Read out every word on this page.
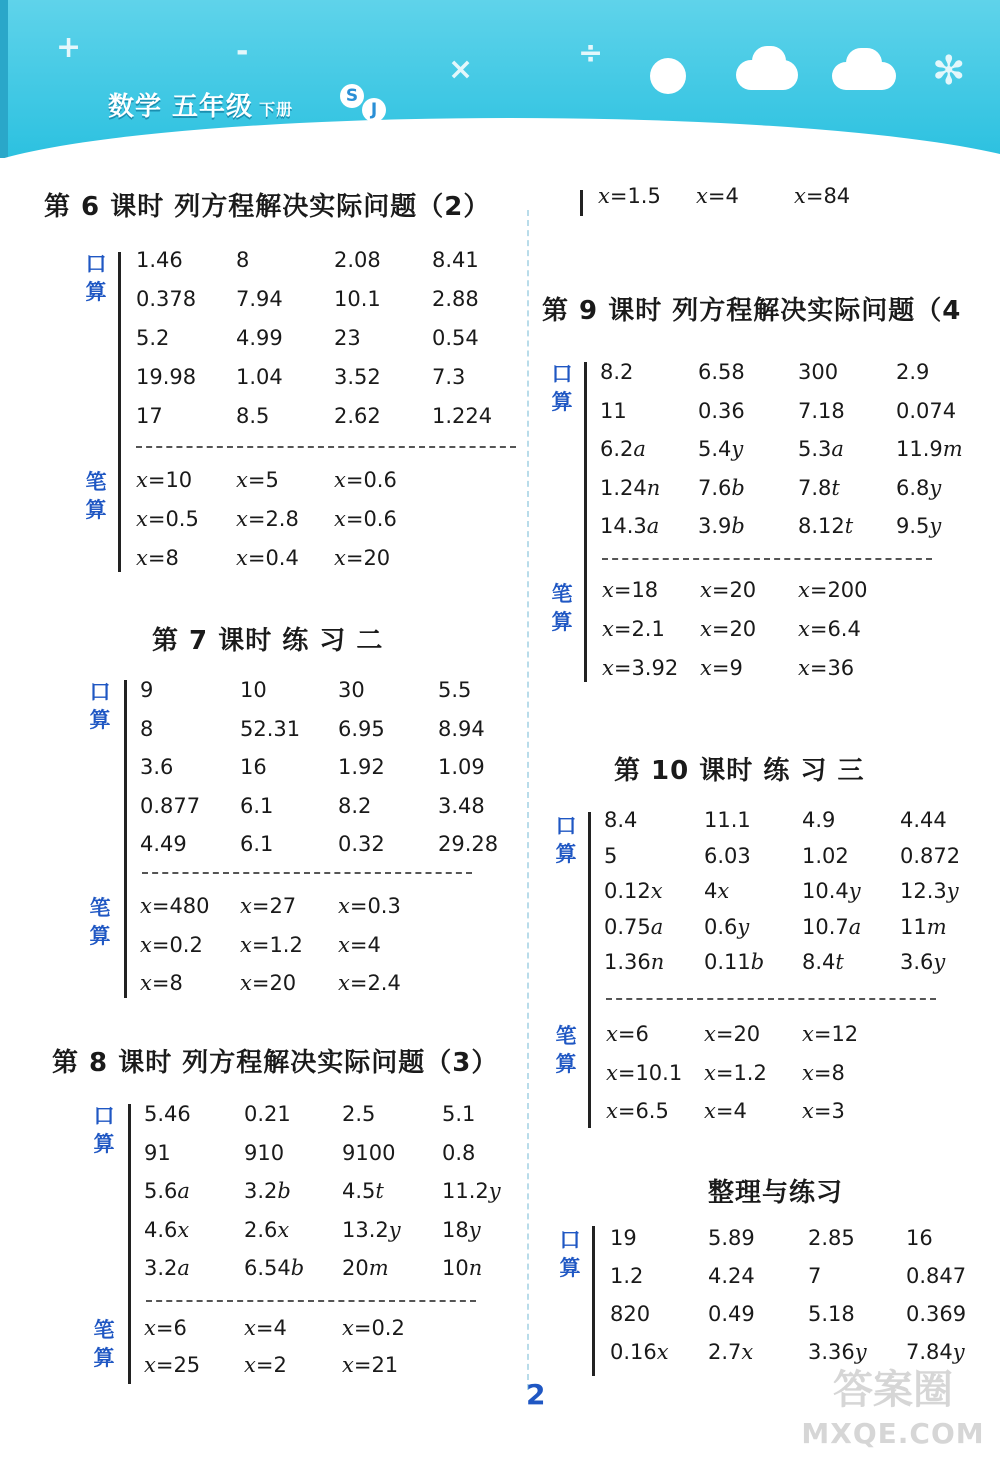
+	-
×	÷	✻
数学 五年级 下册
S
J
第 6 课时 列方程解决实际问题（2）
口
算
笔
算
1.46	8	2.08 8.41
0.378 7.94 10.1 2.88
5.2	4.99 23	0.54
19.98 1.04 3.52 7.3
17	8.5	2.62 1.224
x=10 x=5	x=0.6
x=0.5 x=2.8 x=0.6
x=8	x=0.4 x=20
第 7 课时 练 习 二
口
算
笔
算
9	10	30	5.5
8	52.31 6.95	8.94
3.6	16	1.92	1.09
0.877 6.1	8.2	3.48
4.49	6.1	0.32	29.28
x=480 x=27 x=0.3
x=0.2 x=1.2 x=4
x=8	x=20 x=2.4
第 8 课时 列方程解决实际问题（3）
口
算
笔
算
5.46	0.21 2.5	5.1
91	910	9100 0.8
5.6a	3.2b 4.5t	11.2y
4.6x	2.6x	13.2y 18y
3.2a	6.54b 20m	10n
x=6	x=4	x=0.2
x=25 x=2	x=21
x=1.5 x=4	x=84
第 9 课时 列方程解决实际问题（4
口
算
笔
算
8.2	6.58	300	2.9
11	0.36	7.18 0.074
6.2a 5.4y	5.3a 11.9m
1.24n 7.6b	7.8t	6.8y
14.3a 3.9b	8.12t 9.5y
x=18 x=20 x=200
x=2.1 x=20 x=6.4
x=3.92 x=9	x=36
第 10 课时 练 习 三
口
算
笔
算
8.4	11.1 4.9	4.44
5	6.03 1.02 0.872
0.12x 4x	10.4y 12.3y
0.75a 0.6y	10.7a 11m
1.36n 0.11b 8.4t	3.6y
x=6	x=20 x=12
x=10.1 x=1.2 x=8
x=6.5 x=4	x=3
整理与练习
口
算
19	5.89	2.85 16
1.2	4.24	7	0.847
820	0.49	5.18 0.369
0.16x 2.7x	3.36y 7.84y
2	答案圈
MXQE.COM
